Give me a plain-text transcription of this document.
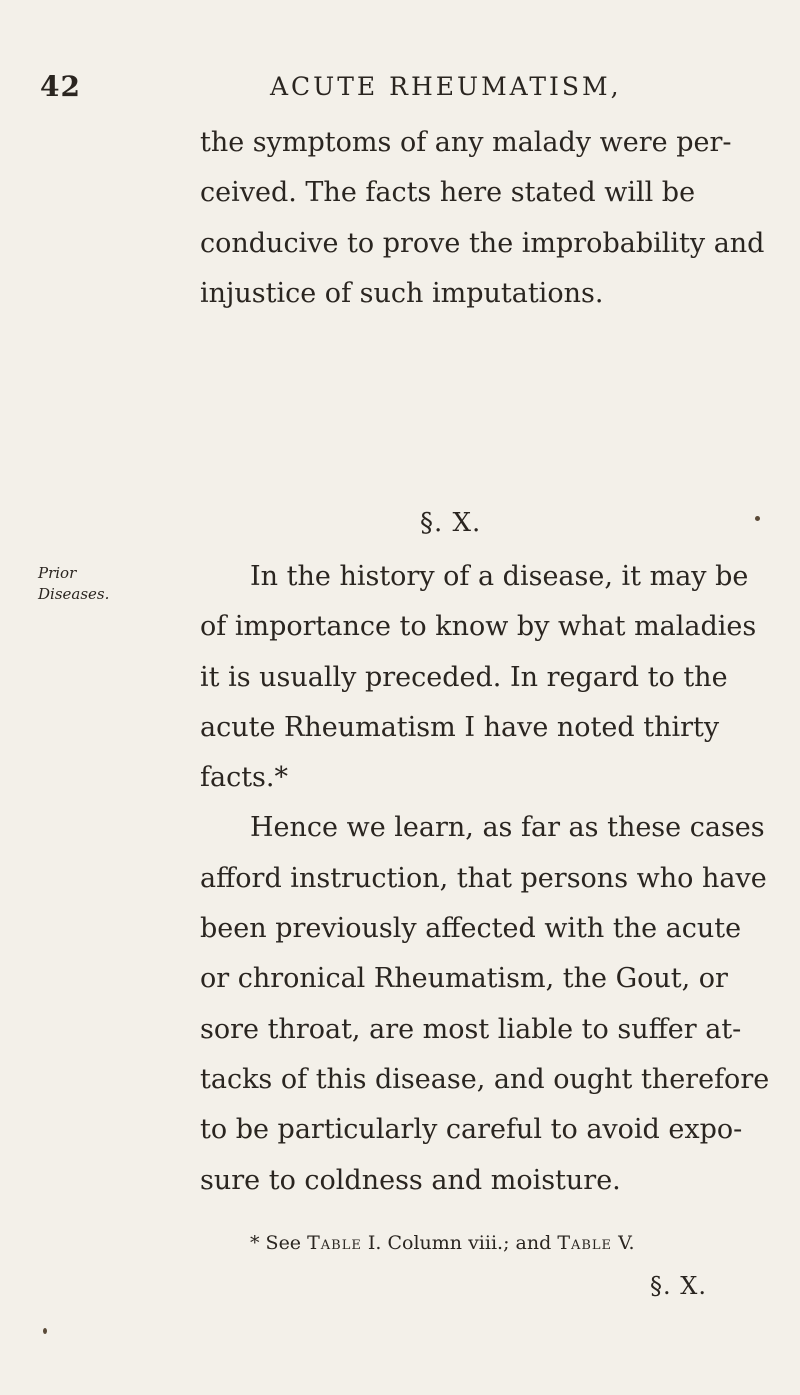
42	ACUTE RHEUMATISM,
the symptoms of any malady were per-
ceived. The facts here stated will be
conducive to prove the improbability and
injustice of such imputations.
§. X.
Prior
Diseases.
In the history of a disease, it may be
of importance to know by what maladies
it is usually preceded. In regard to the
acute Rheumatism I have noted thirty
facts.*
Hence we learn, as far as these cases
afford instruction, that persons who have
been previously affected with the acute
or chronical Rheumatism, the Gout, or
sore throat, are most liable to suffer at-
tacks of this disease, and ought therefore
to be particularly careful to avoid expo-
sure to coldness and moisture.
* See Table I. Column viii.; and Table V.
§. X.
